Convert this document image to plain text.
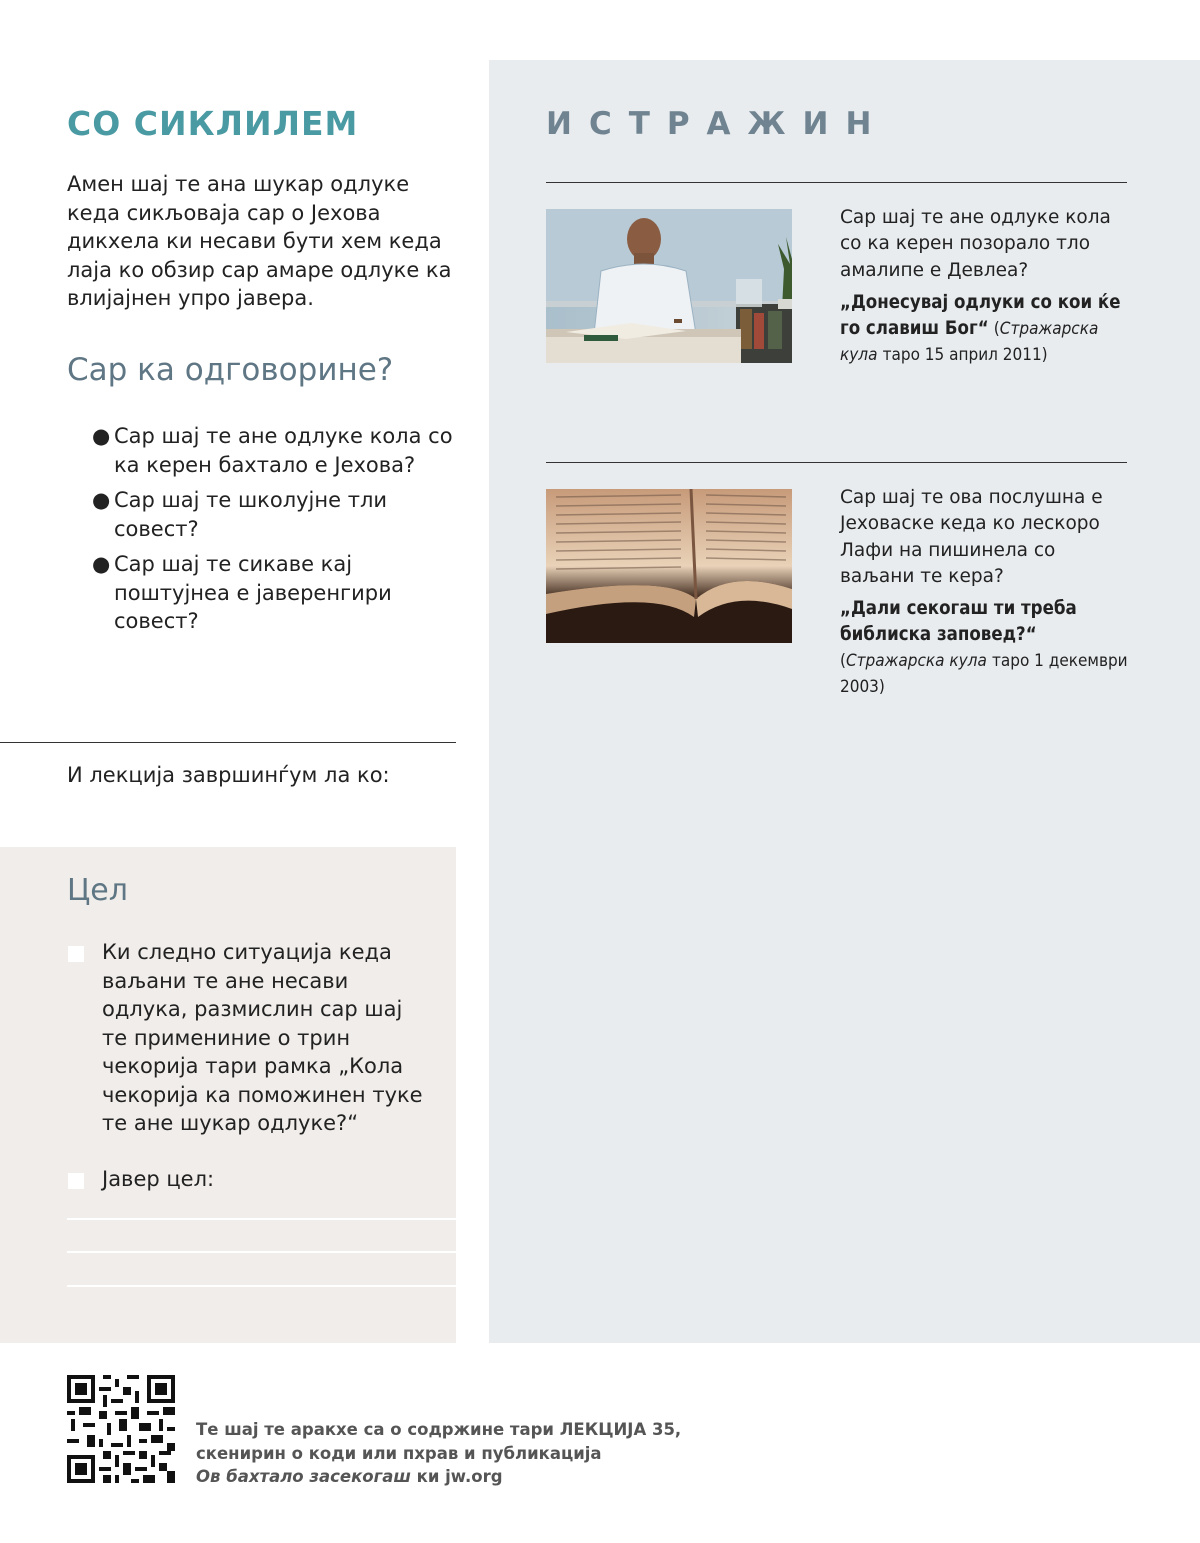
СО СИКЛИЛЕМ

Амен шај те ана шукар одлуке кеда сикљоваја сар о Јехова дикхела ки несави бути хем кеда лаја ко обзир сар амаре одлуке ка влијајнен упро јавера.

Сар ка одговорине?
● Сар шај те ане одлуке кола со ка керен бахтало е Јехова?
● Сар шај те школујне тли совест?
● Сар шај те сикаве кај поштујнеа е јаверенгири совест?
И лекција завршинѓум ла ко:
Цел
Ки следно ситуација кеда ваљани те ане несави одлука, размислин сар шај те примениние о трин чекорија тари рамка „Кола чекорија ка поможинен туке те ане шукар одлуке?“
Јавер цел:
ИСТРАЖИН
Сар шај те ане одлуке кола со ка керен позорало тло амалипе е Девлеа?
„Донесувај одлуки со кои ќе го славиш Бог“ (Стражарска кула таро 15 април 2011)
Сар шај те ова послушна е Јеховаске кеда ко лескоро Лафи на пишинела со ваљани те кера?
„Дали секогаш ти треба библиска заповед?“
(Стражарска кула таро 1 декември 2003)
Те шај те аракхе са о содржине тари ЛЕКЦИЈА 35,
скенирин о коди или пхрав и публикација
Ов бахтало засекогаш ки jw.org
